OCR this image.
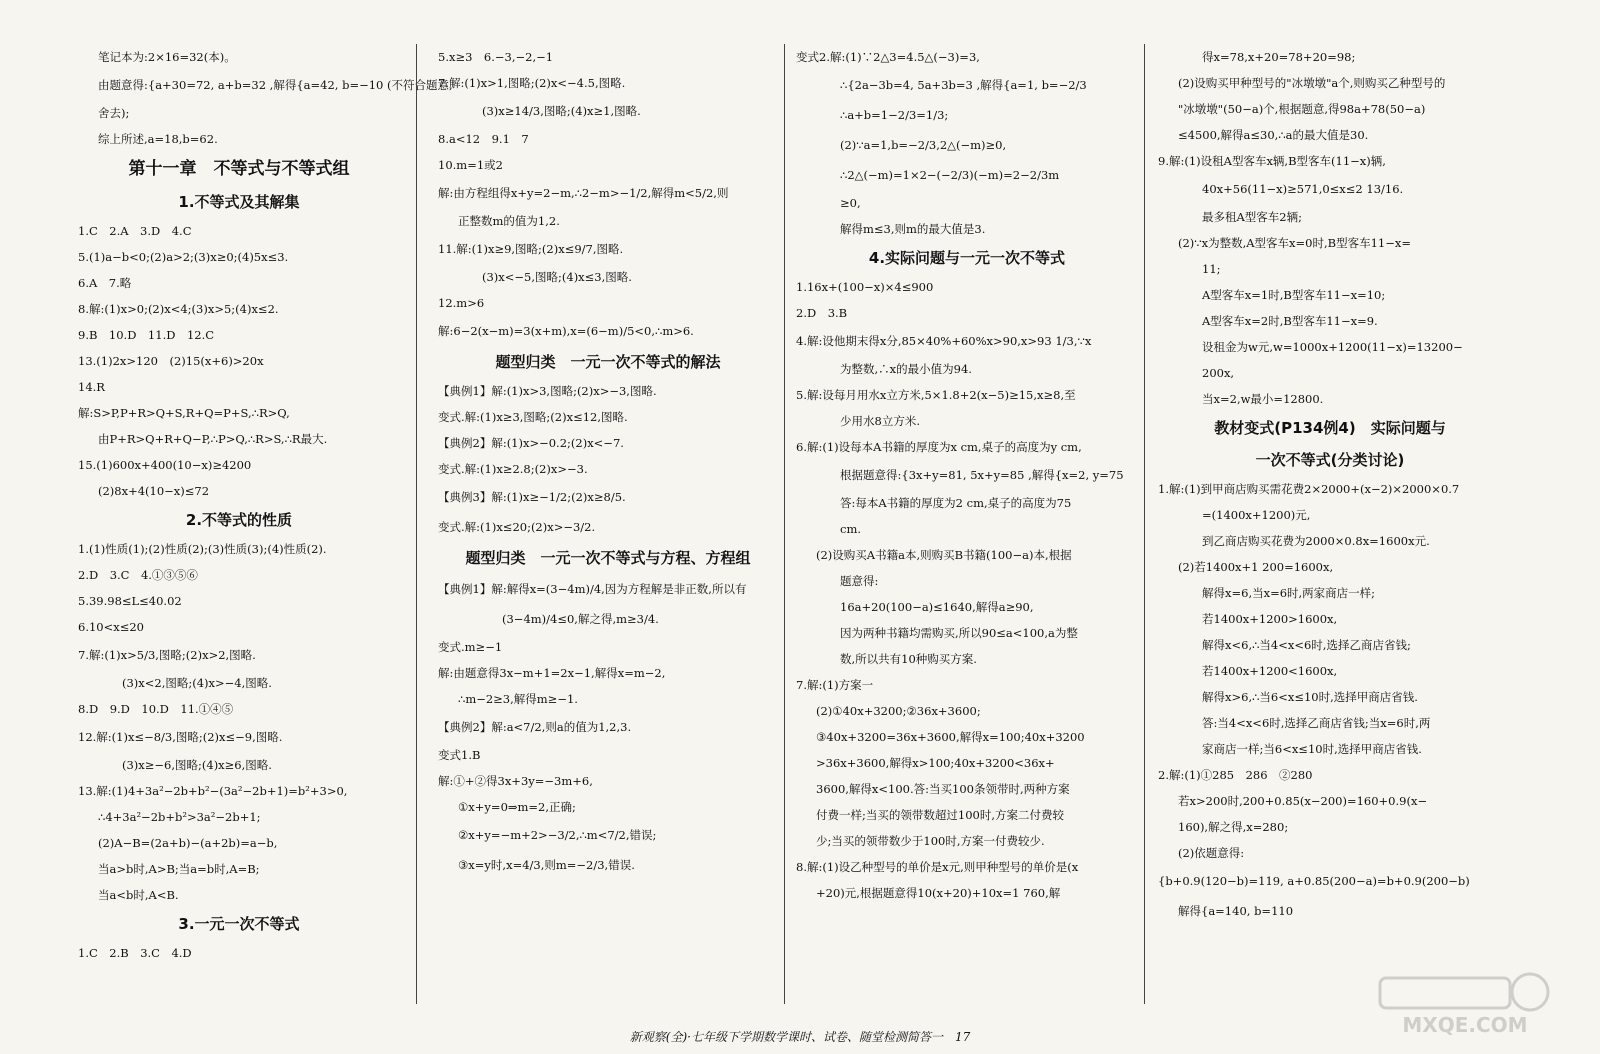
笔记本为:2×16=32(本)。
由题意得:{a+30=72, a+b=32 ,解得{a=42, b=−10 (不符合题意,
舍去);
综上所述,a=18,b=62.
第十一章　不等式与不等式组
1.不等式及其解集
1.C　2.A　3.D　4.C
5.(1)a−b<0;(2)a>2;(3)x≥0;(4)5x≤3.
6.A　7.略
8.解:(1)x>0;(2)x<4;(3)x>5;(4)x≤2.
9.B　10.D　11.D　12.C
13.(1)2x>120　(2)15(x+6)>20x
14.R
解:S>P,P+R>Q+S,R+Q=P+S,∴R>Q,
由P+R>Q+R+Q−P,∴P>Q,∴R>S,∴R最大.
15.(1)600x+400(10−x)≥4200
(2)8x+4(10−x)≤72
2.不等式的性质
1.(1)性质(1);(2)性质(2);(3)性质(3);(4)性质(2).
2.D　3.C　4.①③⑤⑥
5.39.98≤L≤40.02
6.10<x≤20
7.解:(1)x>5/3,图略;(2)x>2,图略.
(3)x<2,图略;(4)x>−4,图略.
8.D　9.D　10.D　11.①④⑤
12.解:(1)x≤−8/3,图略;(2)x≤−9,图略.
(3)x≥−6,图略;(4)x≥6,图略.
13.解:(1)4+3a²−2b+b²−(3a²−2b+1)=b²+3>0,
∴4+3a²−2b+b²>3a²−2b+1;
(2)A−B=(2a+b)−(a+2b)=a−b,
当a>b时,A>B;当a=b时,A=B;
当a<b时,A<B.
3.一元一次不等式
1.C　2.B　3.C　4.D
5.x≥3　6.−3,−2,−1
7.解:(1)x>1,图略;(2)x<−4.5,图略.
(3)x≥14/3,图略;(4)x≥1,图略.
8.a<12　9.1　7
10.m=1或2
解:由方程组得x+y=2−m,∴2−m>−1/2,解得m<5/2,则
正整数m的值为1,2.
11.解:(1)x≥9,图略;(2)x≤9/7,图略.
(3)x<−5,图略;(4)x≤3,图略.
12.m>6
解:6−2(x−m)=3(x+m),x=(6−m)/5<0,∴m>6.
题型归类　一元一次不等式的解法
【典例1】解:(1)x>3,图略;(2)x>−3,图略.
变式.解:(1)x≥3,图略;(2)x≤12,图略.
【典例2】解:(1)x>−0.2;(2)x<−7.
变式.解:(1)x≥2.8;(2)x>−3.
【典例3】解:(1)x≥−1/2;(2)x≥8/5.
变式.解:(1)x≤20;(2)x>−3/2.
题型归类　一元一次不等式与方程、方程组
【典例1】解:解得x=(3−4m)/4,因为方程解是非正数,所以有
(3−4m)/4≤0,解之得,m≥3/4.
变式.m≥−1
解:由题意得3x−m+1=2x−1,解得x=m−2,
∴m−2≥3,解得m≥−1.
【典例2】解:a<7/2,则a的值为1,2,3.
变式1.B
解:①+②得3x+3y=−3m+6,
①x+y=0⇒m=2,正确;
②x+y=−m+2>−3/2,∴m<7/2,错误;
③x=y时,x=4/3,则m=−2/3,错误.
变式2.解:(1)∵2△3=4.5△(−3)=3,
∴{2a−3b=4, 5a+3b=3 ,解得{a=1, b=−2/3
∴a+b=1−2/3=1/3;
(2)∵a=1,b=−2/3,2△(−m)≥0,
∴2△(−m)=1×2−(−2/3)(−m)=2−2/3m
≥0,
解得m≤3,则m的最大值是3.
4.实际问题与一元一次不等式
1.16x+(100−x)×4≤900
2.D　3.B
4.解:设他期末得x分,85×40%+60%x>90,x>93 1/3,∵x
为整数,∴x的最小值为94.
5.解:设每月用水x立方米,5×1.8+2(x−5)≥15,x≥8,至
少用水8立方米.
6.解:(1)设每本A书籍的厚度为x cm,桌子的高度为y cm,
根据题意得:{3x+y=81, 5x+y=85 ,解得{x=2, y=75
答:每本A书籍的厚度为2 cm,桌子的高度为75
cm.
(2)设购买A书籍a本,则购买B书籍(100−a)本,根据
题意得:
16a+20(100−a)≤1640,解得a≥90,
因为两种书籍均需购买,所以90≤a<100,a为整
数,所以共有10种购买方案.
7.解:(1)方案一
(2)①40x+3200;②36x+3600;
③40x+3200=36x+3600,解得x=100;40x+3200
>36x+3600,解得x>100;40x+3200<36x+
3600,解得x<100.答:当买100条领带时,两种方案
付费一样;当买的领带数超过100时,方案二付费较
少;当买的领带数少于100时,方案一付费较少.
8.解:(1)设乙种型号的单价是x元,则甲种型号的单价是(x
+20)元,根据题意得10(x+20)+10x=1 760,解
得x=78,x+20=78+20=98;
(2)设购买甲种型号的"冰墩墩"a个,则购买乙种型号的
"冰墩墩"(50−a)个,根据题意,得98a+78(50−a)
≤4500,解得a≤30,∴a的最大值是30.
9.解:(1)设租A型客车x辆,B型客车(11−x)辆,
40x+56(11−x)≥571,0≤x≤2 13/16.
最多租A型客车2辆;
(2)∵x为整数,A型客车x=0时,B型客车11−x=
11;
A型客车x=1时,B型客车11−x=10;
A型客车x=2时,B型客车11−x=9.
设租金为w元,w=1000x+1200(11−x)=13200−
200x,
当x=2,w最小=12800.
教材变式(P134例4)　实际问题与
一次不等式(分类讨论)
1.解:(1)到甲商店购买需花费2×2000+(x−2)×2000×0.7
=(1400x+1200)元,
到乙商店购买花费为2000×0.8x=1600x元.
(2)若1400x+1 200=1600x,
解得x=6,当x=6时,两家商店一样;
若1400x+1200>1600x,
解得x<6,∴当4<x<6时,选择乙商店省钱;
若1400x+1200<1600x,
解得x>6,∴当6<x≤10时,选择甲商店省钱.
答:当4<x<6时,选择乙商店省钱;当x=6时,两
家商店一样;当6<x≤10时,选择甲商店省钱.
2.解:(1)①285　286　②280
若x>200时,200+0.85(x−200)=160+0.9(x−
160),解之得,x=280;
(2)依题意得:
{b+0.9(120−b)=119, a+0.85(200−a)=b+0.9(200−b)
解得{a=140, b=110
新观察(全)·七年级下学期数学课时、试卷、随堂检测简答一　17	MXQE.COM
